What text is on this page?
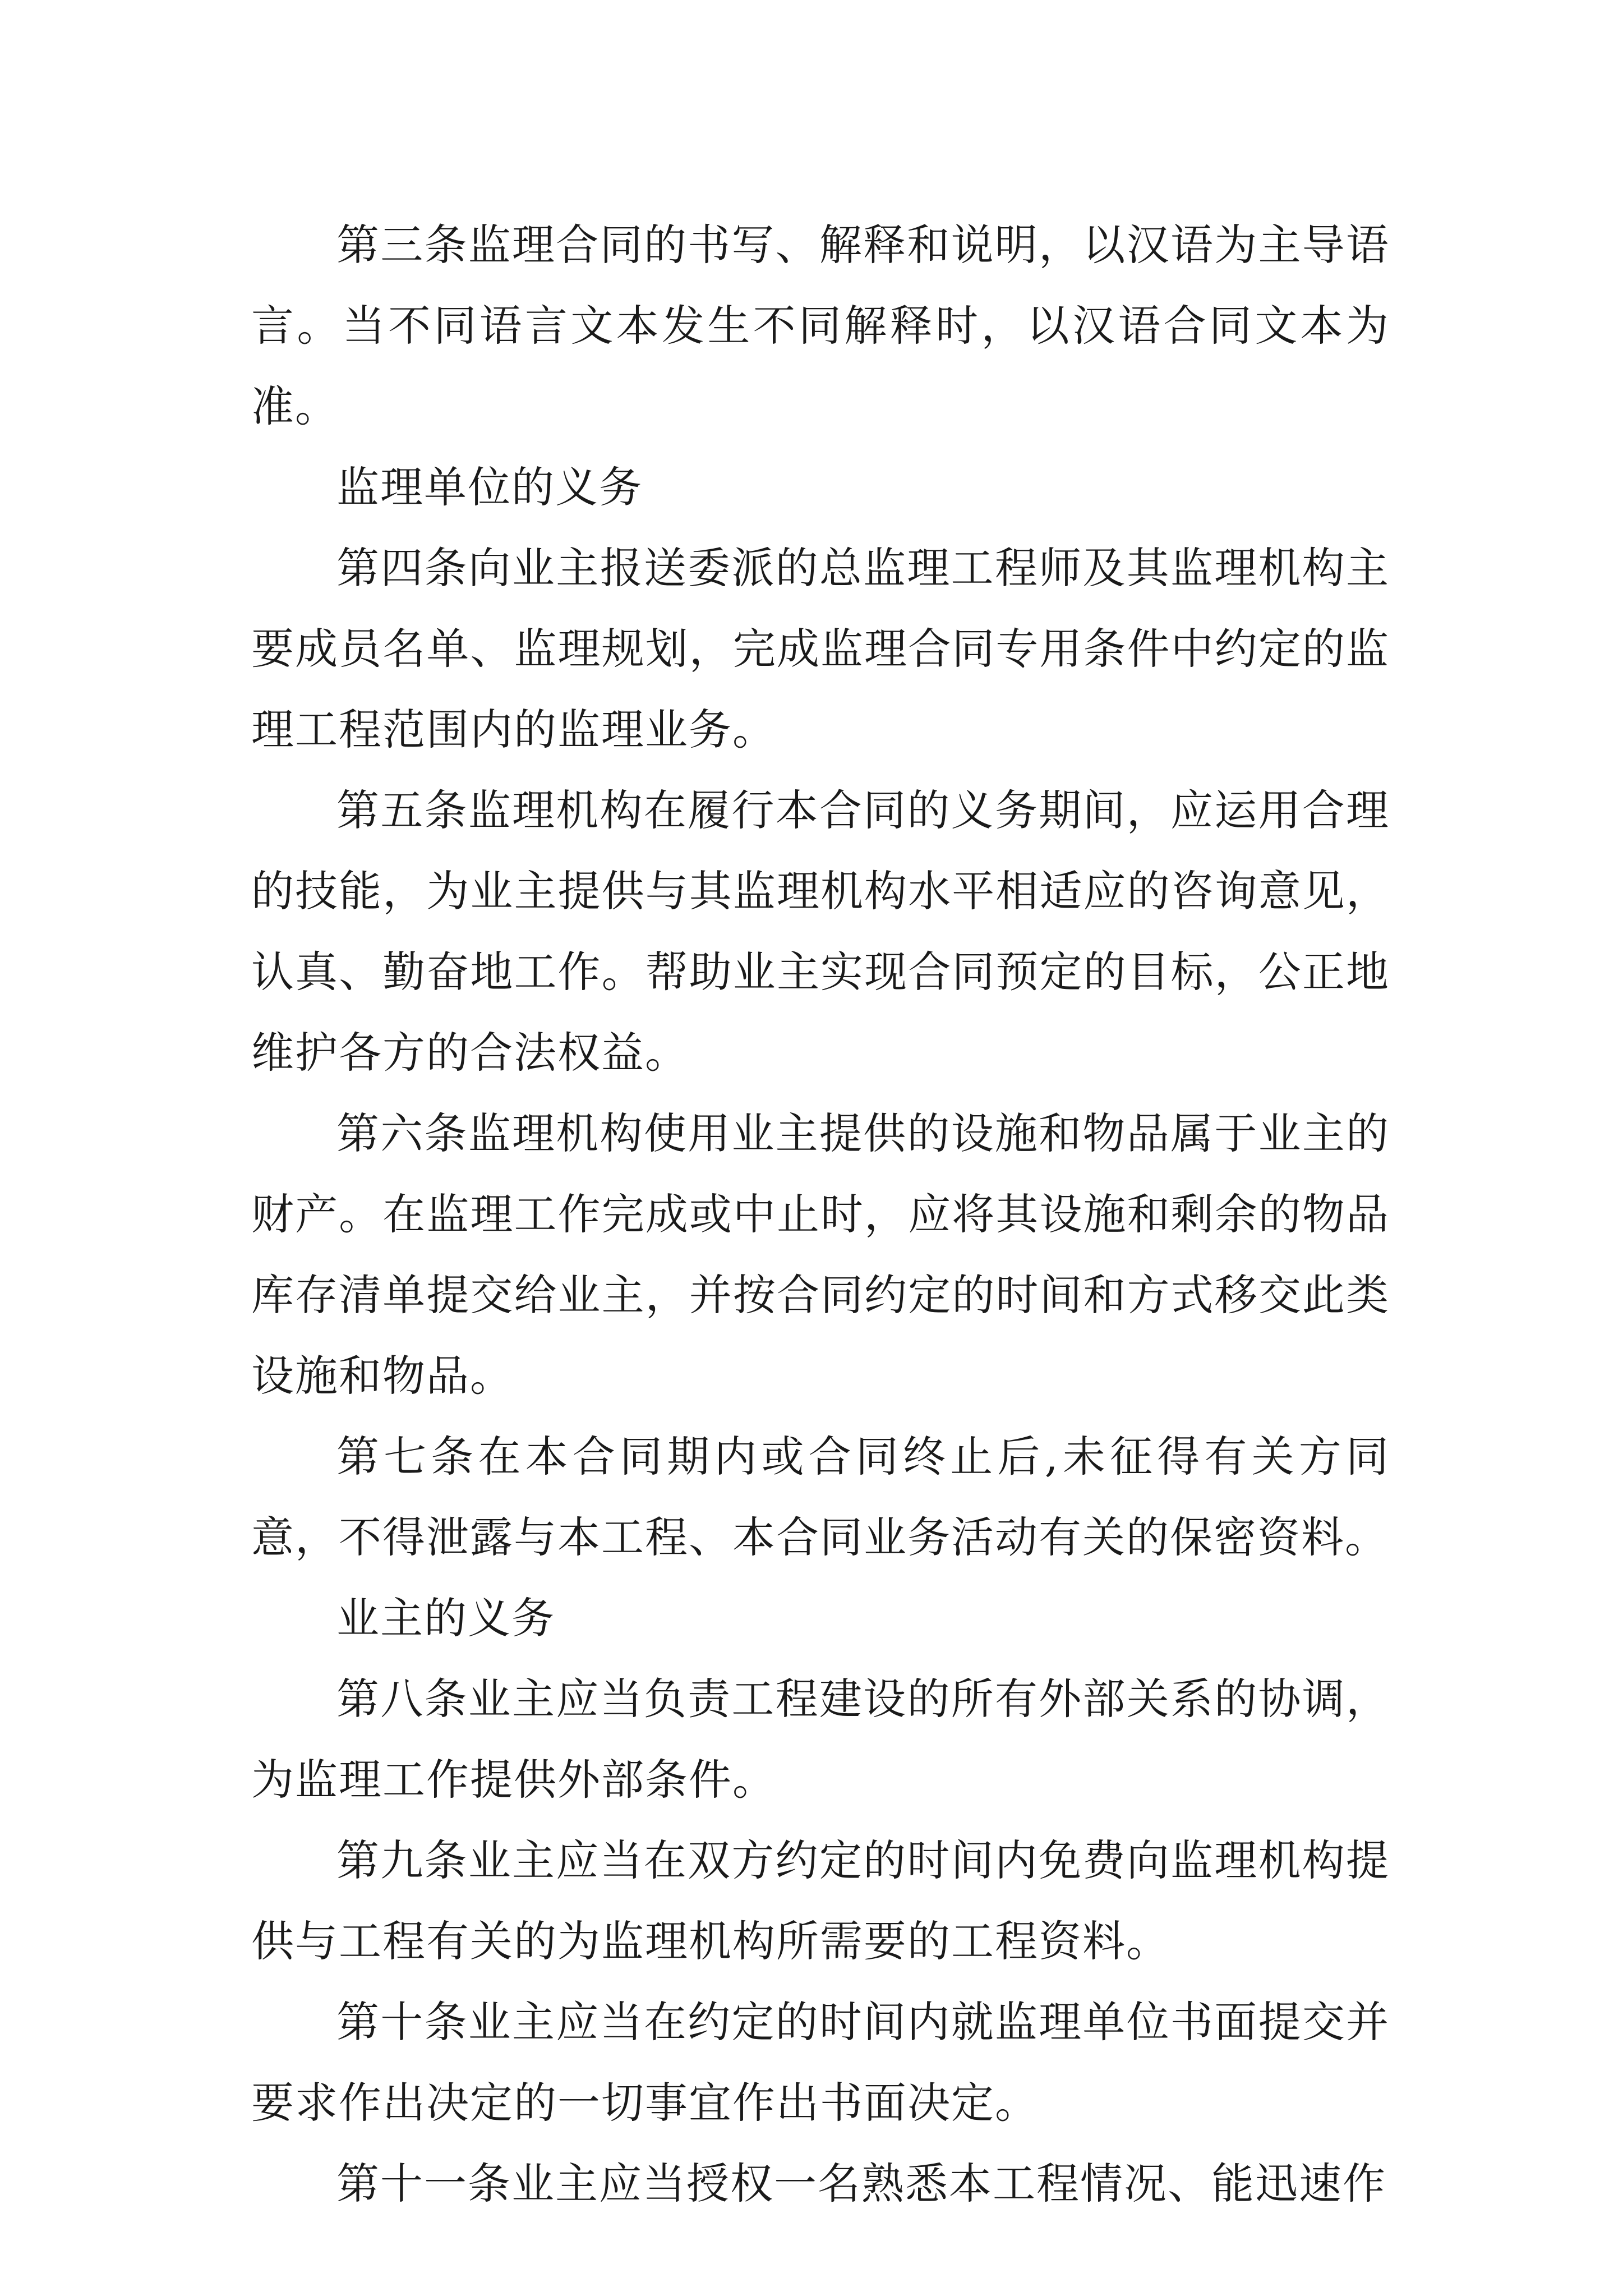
第三条监理合同的书写、解释和说明，以汉语为主导语言。当不同语言文本发生不同解释时，以汉语合同文本为准。

监理单位的义务

第四条向业主报送委派的总监理工程师及其监理机构主要成员名单、监理规划，完成监理合同专用条件中约定的监理工程范围内的监理业务。

第五条监理机构在履行本合同的义务期间，应运用合理的技能，为业主提供与其监理机构水平相适应的咨询意见，认真、勤奋地工作。帮助业主实现合同预定的目标，公正地维护各方的合法权益。

第六条监理机构使用业主提供的设施和物品属于业主的财产。在监理工作完成或中止时，应将其设施和剩余的物品库存清单提交给业主，并按合同约定的时间和方式移交此类设施和物品。

第七条在本合同期内或合同终止后,未征得有关方同意，不得泄露与本工程、本合同业务活动有关的保密资料。

业主的义务

第八条业主应当负责工程建设的所有外部关系的协调，为监理工作提供外部条件。

第九条业主应当在双方约定的时间内免费向监理机构提供与工程有关的为监理机构所需要的工程资料。

第十条业主应当在约定的时间内就监理单位书面提交并要求作出决定的一切事宜作出书面决定。

第十一条业主应当授权一名熟悉本工程情况、能迅速作
